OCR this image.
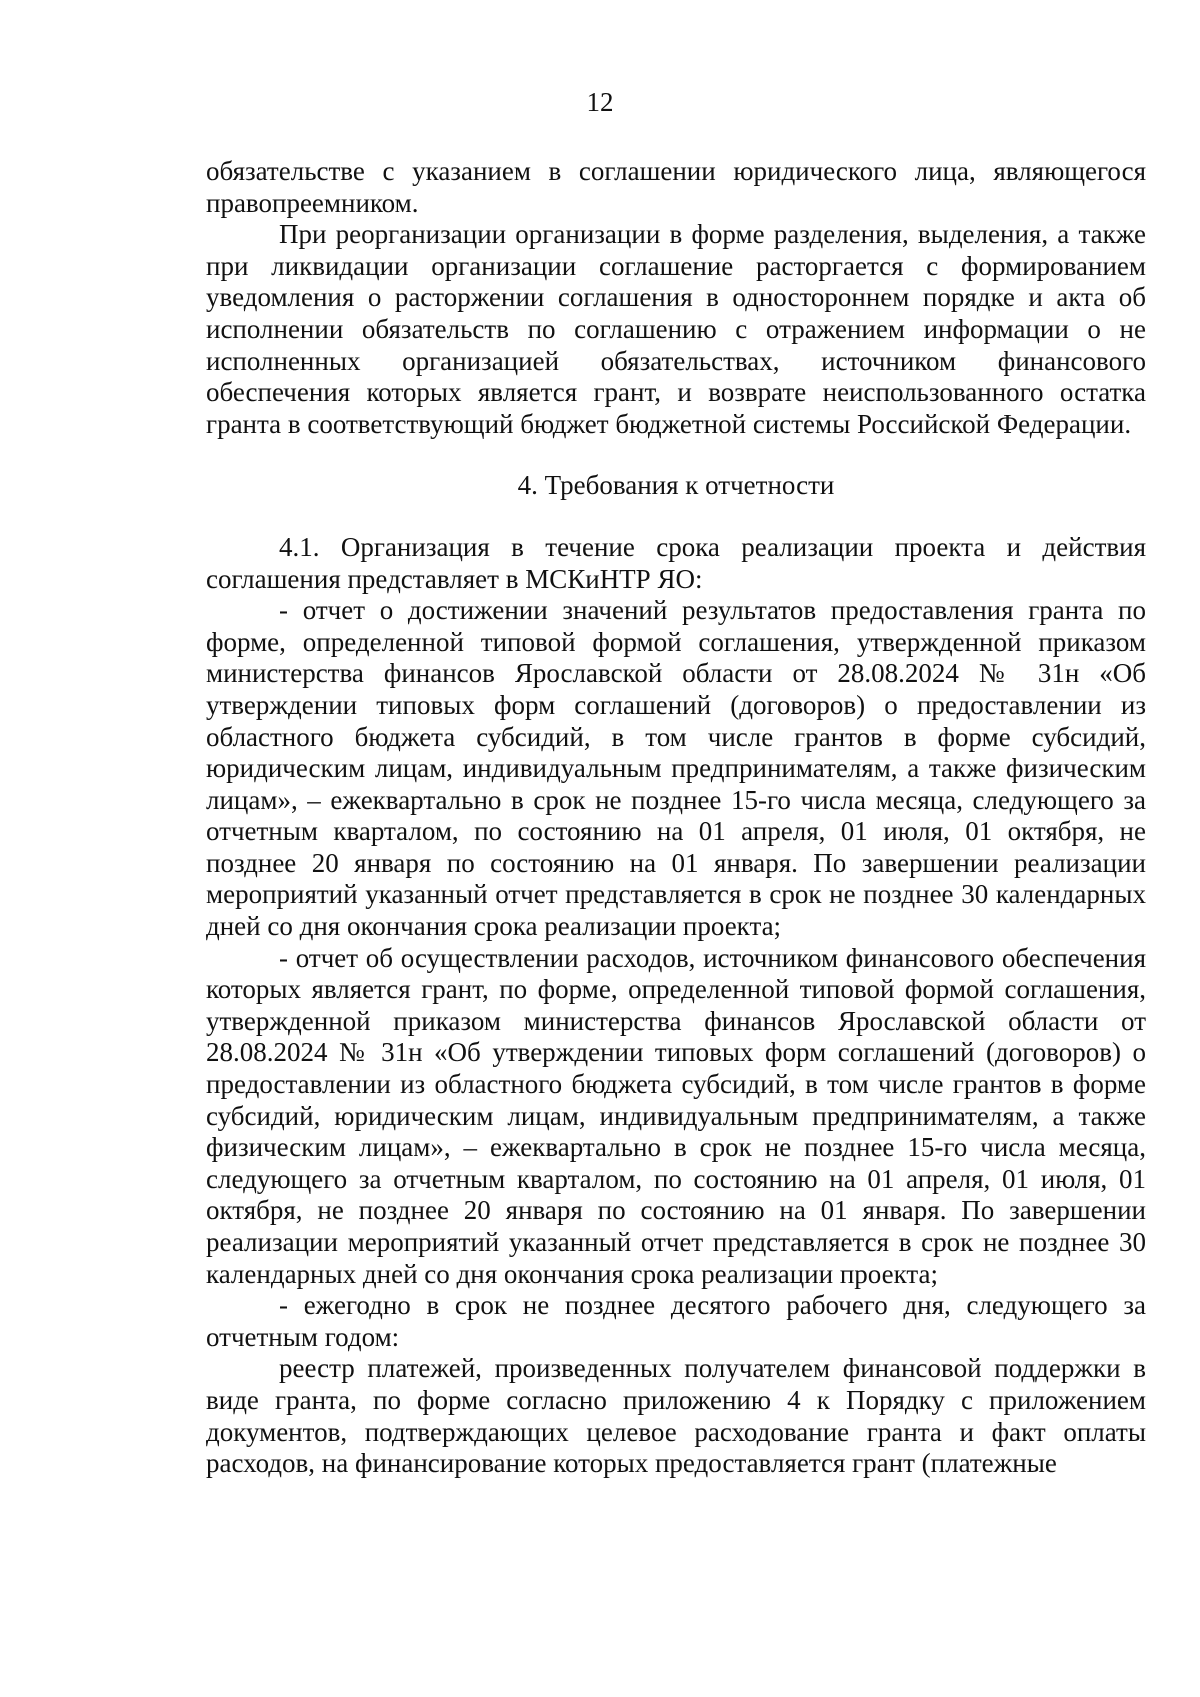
12

обязательстве с указанием в соглашении юридического лица, являющегося правопреемником.

При реорганизации организации в форме разделения, выделения, а также при ликвидации организации соглашение расторгается с формированием уведомления о расторжении соглашения в одностороннем порядке и акта об исполнении обязательств по соглашению с отражением информации о не исполненных организацией обязательствах, источником финансового обеспечения которых является грант, и возврате неиспользованного остатка гранта в соответствующий бюджет бюджетной системы Российской Федерации.

4. Требования к отчетности

4.1. Организация в течение срока реализации проекта и действия соглашения представляет в МСКиНТР ЯО:

- отчет о достижении значений результатов предоставления гранта по форме, определенной типовой формой соглашения, утвержденной приказом министерства финансов Ярославской области от 28.08.2024 № 31н «Об утверждении типовых форм соглашений (договоров) о предоставлении из областного бюджета субсидий, в том числе грантов в форме субсидий, юридическим лицам, индивидуальным предпринимателям, а также физическим лицам», – ежеквартально в срок не позднее 15-го числа месяца, следующего за отчетным кварталом, по состоянию на 01 апреля, 01 июля, 01 октября, не позднее 20 января по состоянию на 01 января. По завершении реализации мероприятий указанный отчет представляется в срок не позднее 30 календарных дней со дня окончания срока реализации проекта;

- отчет об осуществлении расходов, источником финансового обеспечения которых является грант, по форме, определенной типовой формой соглашения, утвержденной приказом министерства финансов Ярославской области от 28.08.2024 № 31н «Об утверждении типовых форм соглашений (договоров) о предоставлении из областного бюджета субсидий, в том числе грантов в форме субсидий, юридическим лицам, индивидуальным предпринимателям, а также физическим лицам», – ежеквартально в срок не позднее 15-го числа месяца, следующего за отчетным кварталом, по состоянию на 01 апреля, 01 июля, 01 октября, не позднее 20 января по состоянию на 01 января. По завершении реализации мероприятий указанный отчет представляется в срок не позднее 30 календарных дней со дня окончания срока реализации проекта;

- ежегодно в срок не позднее десятого рабочего дня, следующего за отчетным годом:

реестр платежей, произведенных получателем финансовой поддержки в виде гранта, по форме согласно приложению 4 к Порядку с приложением документов, подтверждающих целевое расходование гранта и факт оплаты расходов, на финансирование которых предоставляется грант (платежные
